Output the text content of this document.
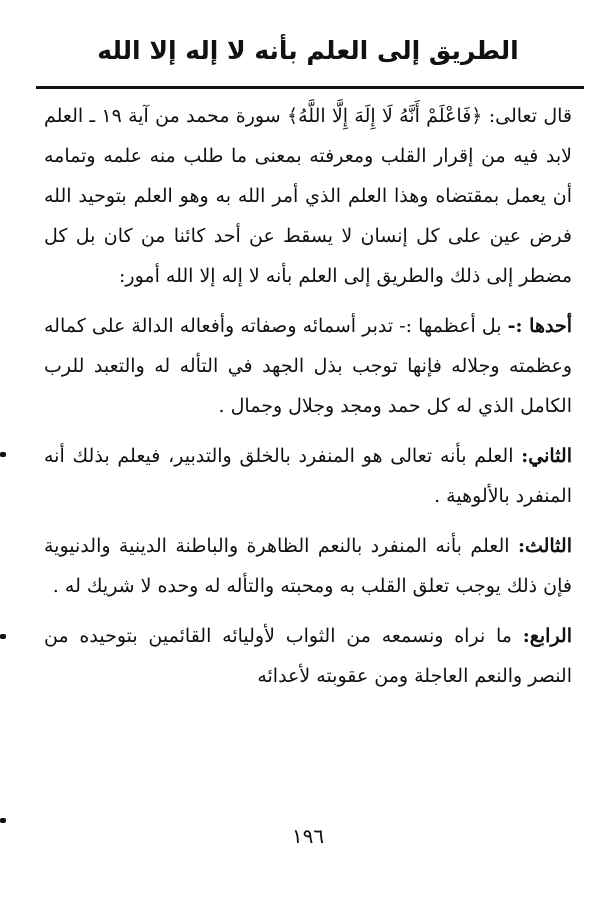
الطريق إلى العلم بأنه لا إله إلا الله

قال تعالى: ﴿فَاعْلَمْ أَنَّهُ لَا إِلَهَ إِلَّا اللَّهُ﴾ سورة محمد من آية ١٩ ـ العلم لابد فيه من إقرار القلب ومعرفته بمعنى ما طلب منه علمه وتمامه أن يعمل بمقتضاه وهذا العلم الذي أمر الله به وهو العلم بتوحيد الله فرض عين على كل إنسان لا يسقط عن أحد كائنا من كان بل كل مضطر إلى ذلك والطريق إلى العلم بأنه لا إله إلا الله أمور:

أحدها :- بل أعظمها :- تدبر أسمائه وصفاته وأفعاله الدالة على كماله وعظمته وجلاله فإنها توجب بذل الجهد في التأله له والتعبد للرب الكامل الذي له كل حمد ومجد وجلال وجمال .

الثاني: العلم بأنه تعالى هو المنفرد بالخلق والتدبير، فيعلم بذلك أنه المنفرد بالألوهية .

الثالث: العلم بأنه المنفرد بالنعم الظاهرة والباطنة الدينية والدنيوية فإن ذلك يوجب تعلق القلب به ومحبته والتأله له وحده لا شريك له .

الرابع: ما نراه ونسمعه من الثواب لأوليائه القائمين بتوحيده من النصر والنعم العاجلة ومن عقوبته لأعدائه

١٩٦
